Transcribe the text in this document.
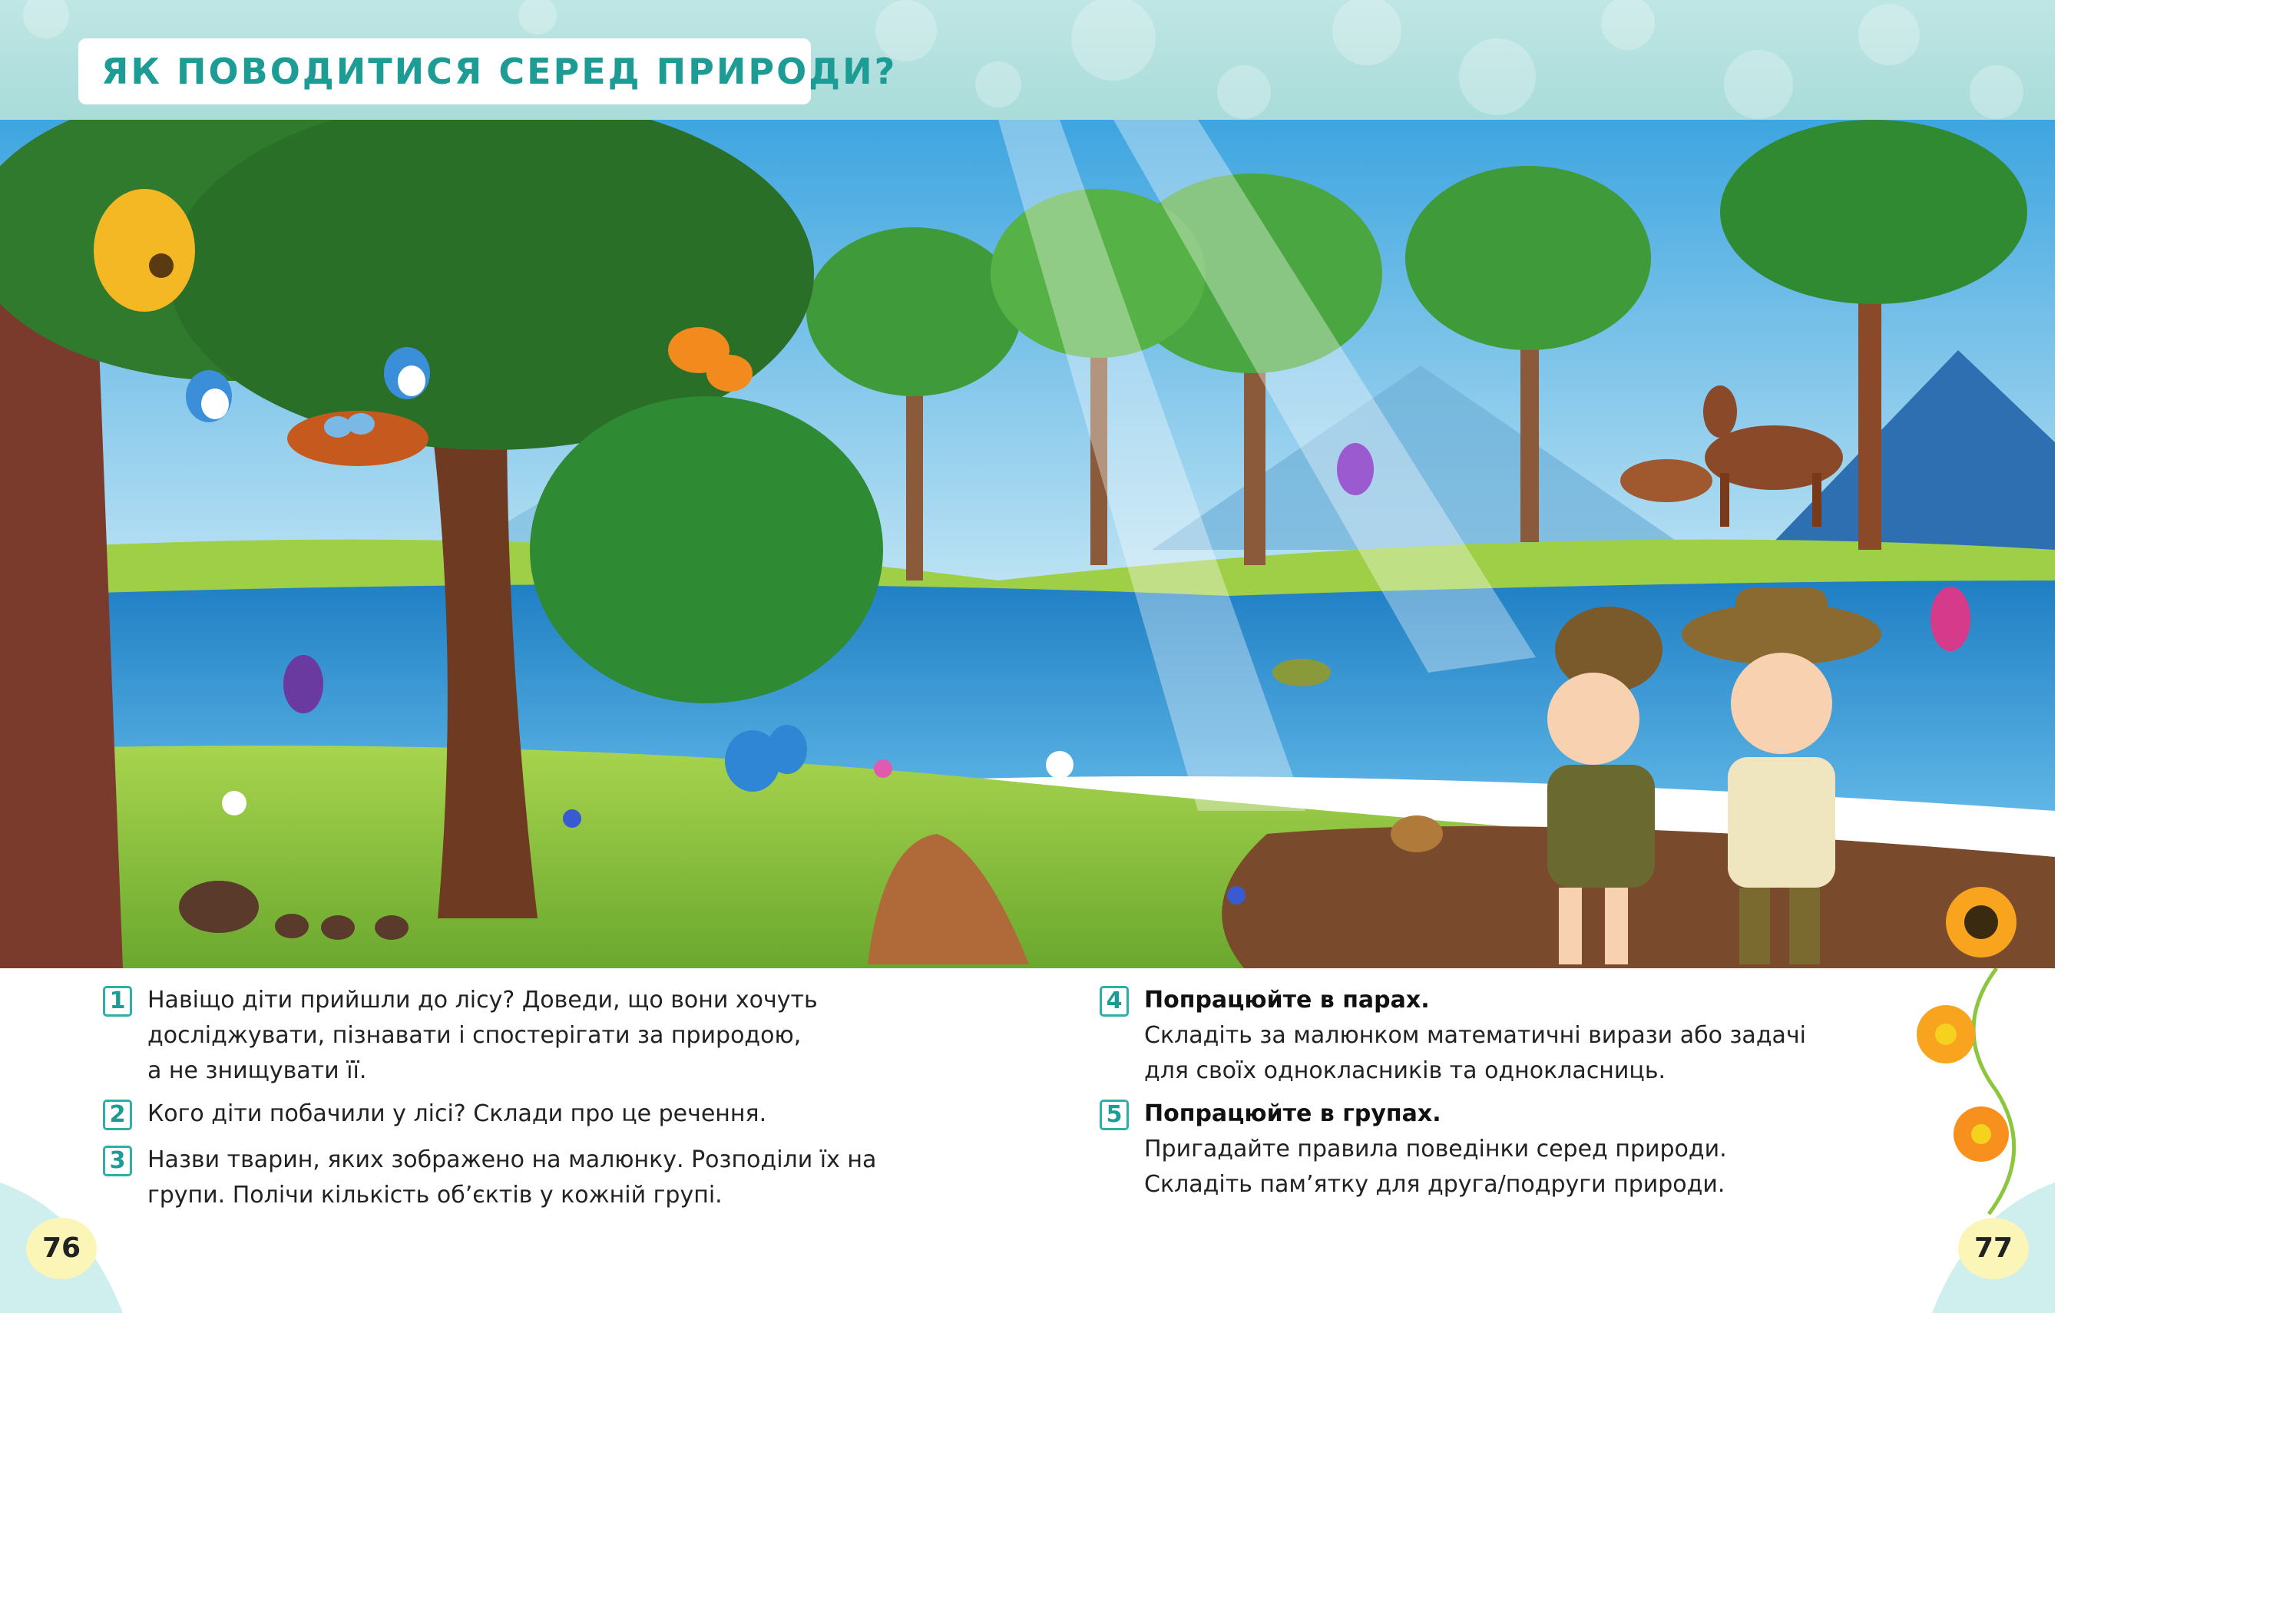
ЯК ПОВОДИТИСЯ СЕРЕД ПРИРОДИ?
1 Навіщо діти прийшли до лісу? Доведи, що вони хочуть
досліджувати, пізнавати і спостерігати за природою,
а не знищувати її.
2 Кого діти побачили у лісі? Склади про це речення.
3 Назви тварин, яких зображено на малюнку. Розподіли їх на
групи. Полічи кількість об’єктів у кожній групі.
4 Попрацюйте в парах.
Складіть за малюнком математичні вирази або задачі
для своїх однокласників та однокласниць.
5 Попрацюйте в групах.
Пригадайте правила поведінки серед природи.
Складіть пам’ятку для друга/подруги природи.
76	77
